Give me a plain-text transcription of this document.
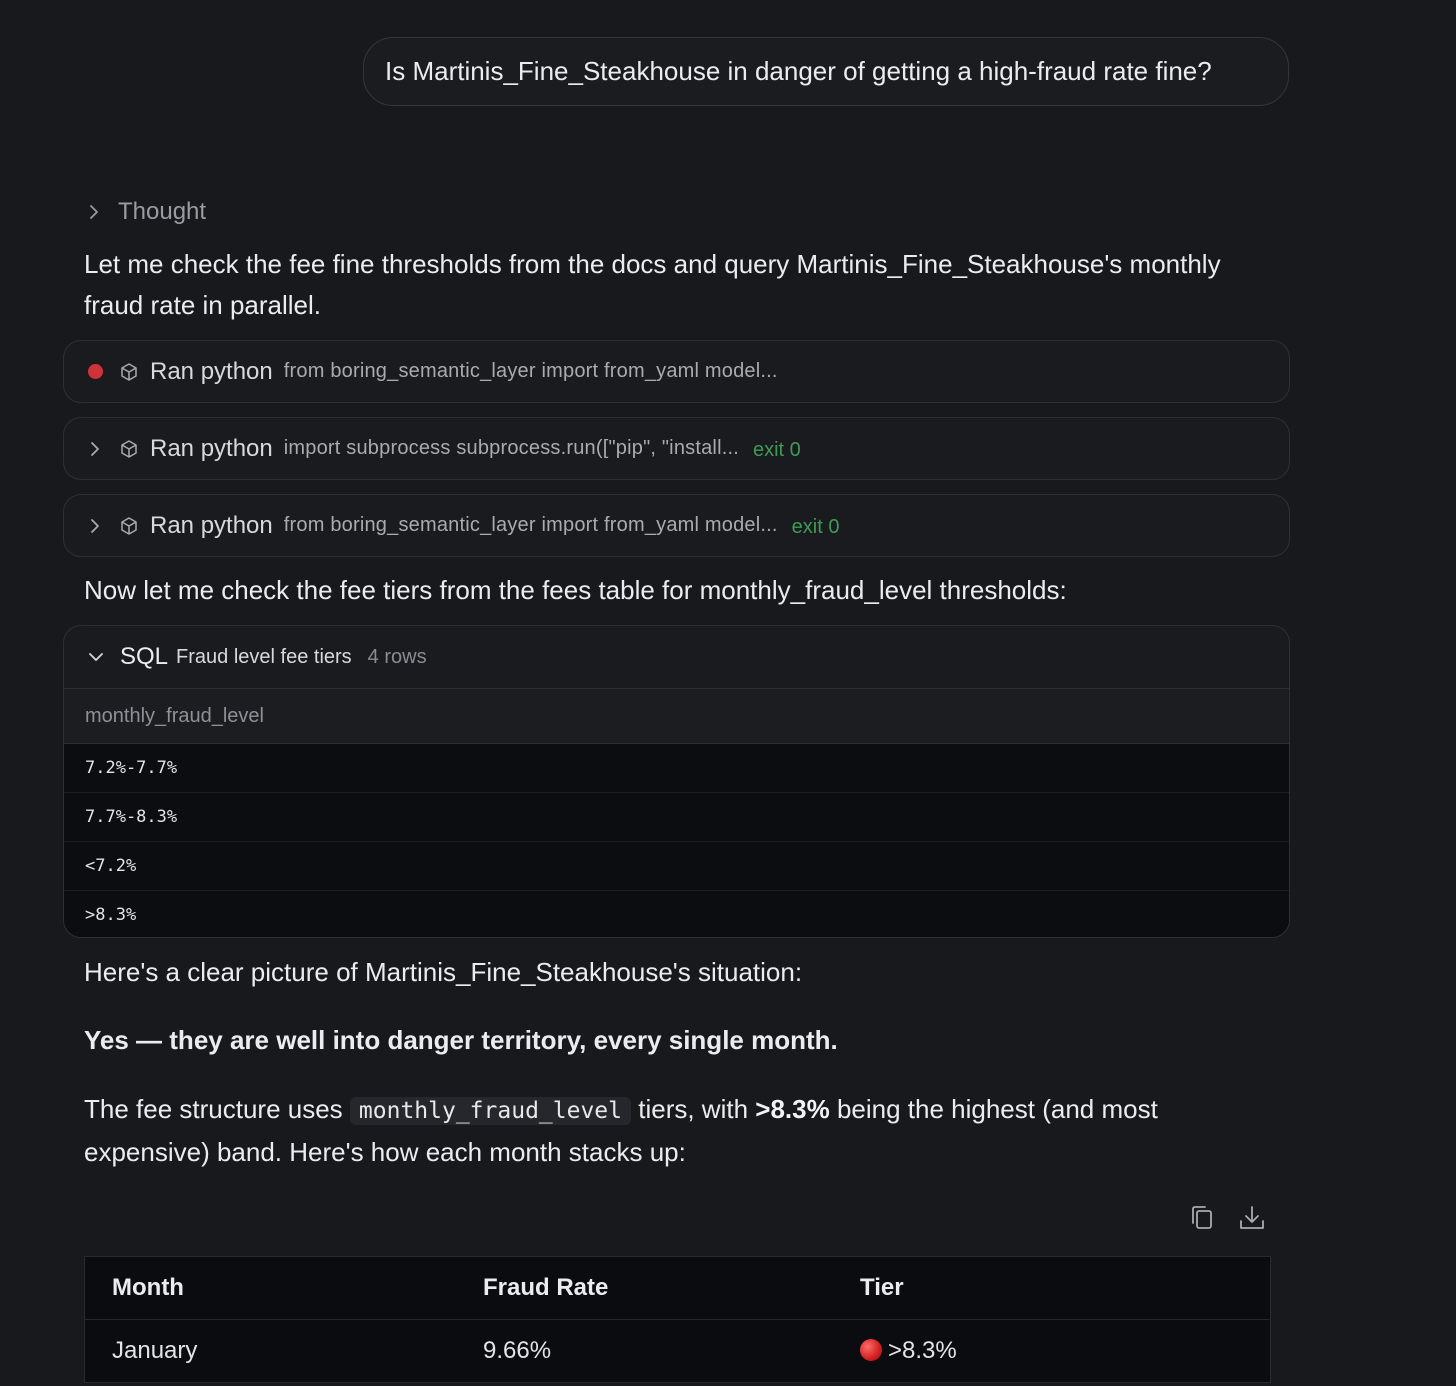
Is Martinis_Fine_Steakhouse in danger of getting a high-fraud rate fine?
Thought
Let me check the fee fine thresholds from the docs and query Martinis_Fine_Steakhouse's monthly fraud rate in parallel.
Ran python from boring_semantic_layer import from_yaml model...
Ran python import subprocess subprocess.run(["pip", "install... exit 0
Ran python from boring_semantic_layer import from_yaml model... exit 0
Now let me check the fee tiers from the fees table for monthly_fraud_level thresholds:
SQL Fraud level fee tiers 4 rows
monthly_fraud_level
7.2%-7.7%
7.7%-8.3%
<7.2%
>8.3%
Here's a clear picture of Martinis_Fine_Steakhouse's situation:
Yes — they are well into danger territory, every single month.
The fee structure uses monthly_fraud_level tiers, with >8.3% being the highest (and most expensive) band. Here's how each month stacks up:
Month	Fraud Rate	Tier
January	9.66%	>8.3%
